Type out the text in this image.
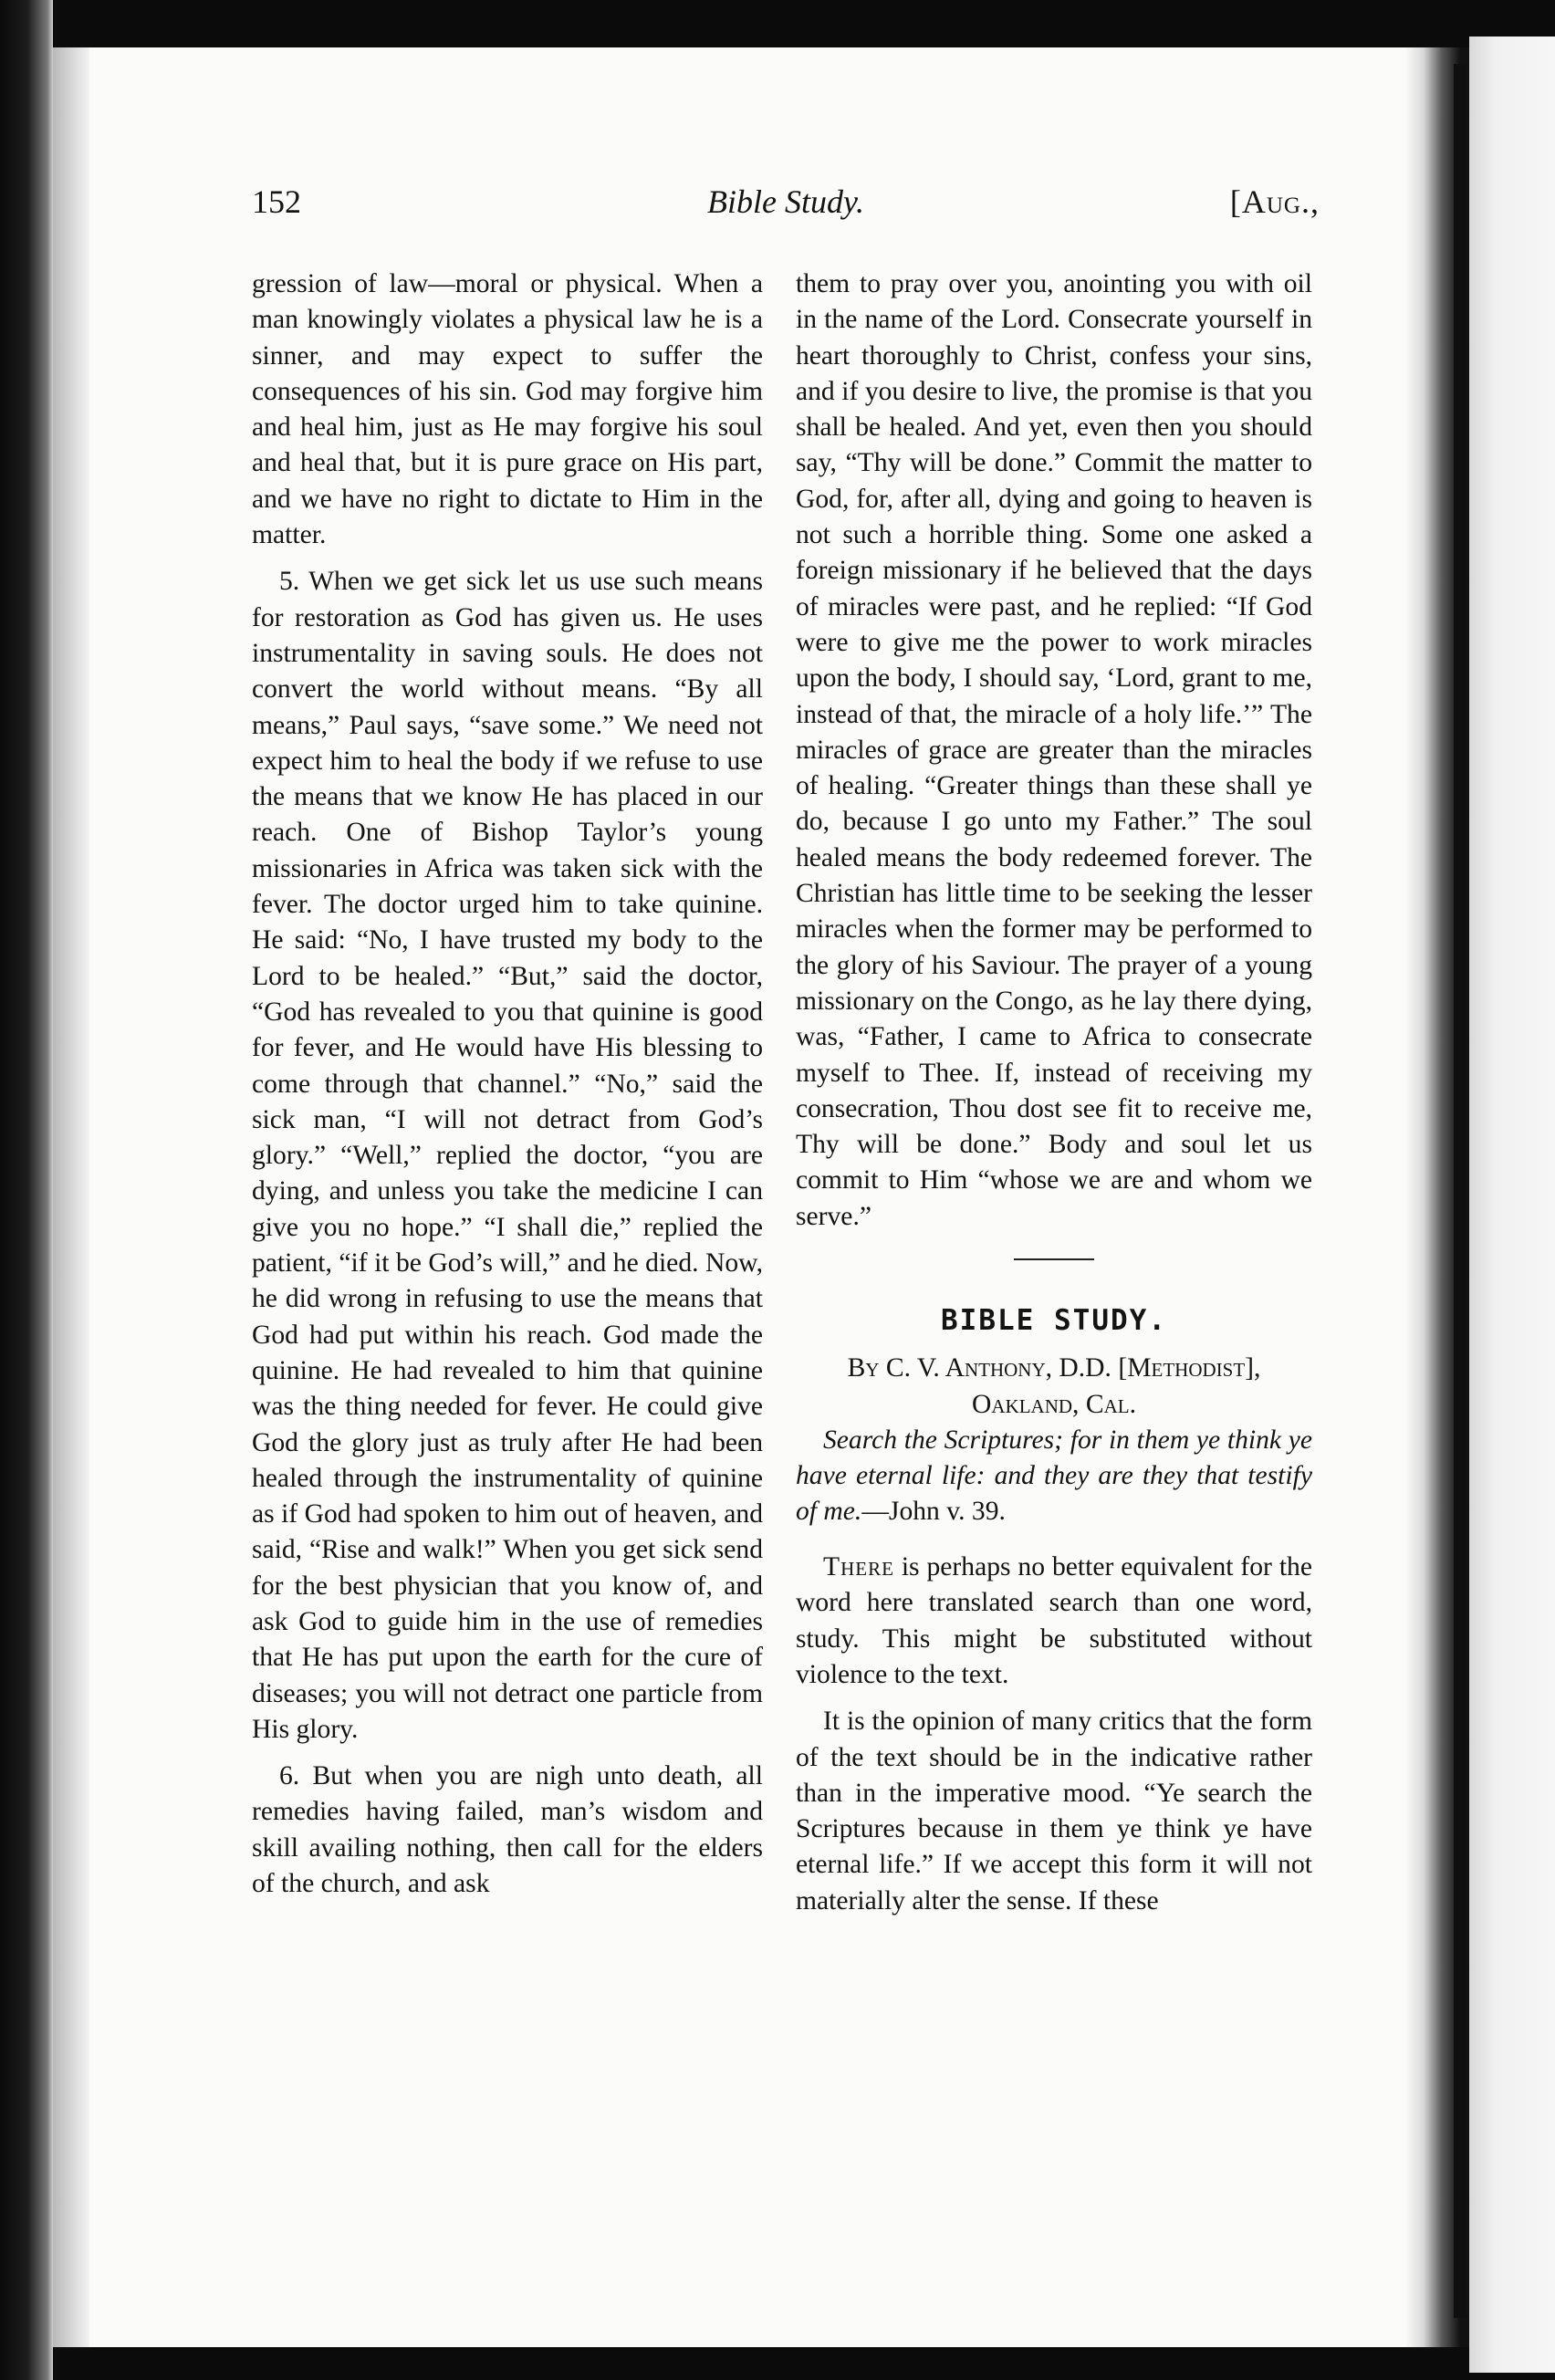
152	Bible Study.	[Aug.,

gression of law—moral or physical. When a man knowingly violates a physical law he is a sinner, and may expect to suffer the consequences of his sin. God may forgive him and heal him, just as He may forgive his soul and heal that, but it is pure grace on His part, and we have no right to dictate to Him in the matter.

5. When we get sick let us use such means for restoration as God has given us. He uses instrumentality in saving souls. He does not convert the world without means. “By all means,” Paul says, “save some.” We need not expect him to heal the body if we refuse to use the means that we know He has placed in our reach. One of Bishop Taylor’s young missionaries in Africa was taken sick with the fever. The doctor urged him to take quinine. He said: “No, I have trusted my body to the Lord to be healed.” “But,” said the doctor, “God has revealed to you that quinine is good for fever, and He would have His blessing to come through that channel.” “No,” said the sick man, “I will not detract from God’s glory.” “Well,” replied the doctor, “you are dying, and unless you take the medicine I can give you no hope.” “I shall die,” replied the patient, “if it be God’s will,” and he died. Now, he did wrong in refusing to use the means that God had put within his reach. God made the quinine. He had revealed to him that quinine was the thing needed for fever. He could give God the glory just as truly after He had been healed through the instrumentality of quinine as if God had spoken to him out of heaven, and said, “Rise and walk!” When you get sick send for the best physician that you know of, and ask God to guide him in the use of remedies that He has put upon the earth for the cure of diseases; you will not detract one particle from His glory.

6. But when you are nigh unto death, all remedies having failed, man’s wisdom and skill availing nothing, then call for the elders of the church, and ask

them to pray over you, anointing you with oil in the name of the Lord. Consecrate yourself in heart thoroughly to Christ, confess your sins, and if you desire to live, the promise is that you shall be healed. And yet, even then you should say, “Thy will be done.” Commit the matter to God, for, after all, dying and going to heaven is not such a horrible thing. Some one asked a foreign missionary if he believed that the days of miracles were past, and he replied: “If God were to give me the power to work miracles upon the body, I should say, ‘Lord, grant to me, instead of that, the miracle of a holy life.’” The miracles of grace are greater than the miracles of healing. “Greater things than these shall ye do, because I go unto my Father.” The soul healed means the body redeemed forever. The Christian has little time to be seeking the lesser miracles when the former may be performed to the glory of his Saviour. The prayer of a young missionary on the Congo, as he lay there dying, was, “Father, I came to Africa to consecrate myself to Thee. If, instead of receiving my consecration, Thou dost see fit to receive me, Thy will be done.” Body and soul let us commit to Him “whose we are and whom we serve.”

BIBLE STUDY.
By C. V. Anthony, D.D. [Methodist],
Oakland, Cal.

Search the Scriptures; for in them ye think ye have eternal life: and they are they that testify of me.—John v. 39.

There is perhaps no better equivalent for the word here translated search than one word, study. This might be substituted without violence to the text.

It is the opinion of many critics that the form of the text should be in the indicative rather than in the imperative mood. “Ye search the Scriptures because in them ye think ye have eternal life.” If we accept this form it will not materially alter the sense. If these
